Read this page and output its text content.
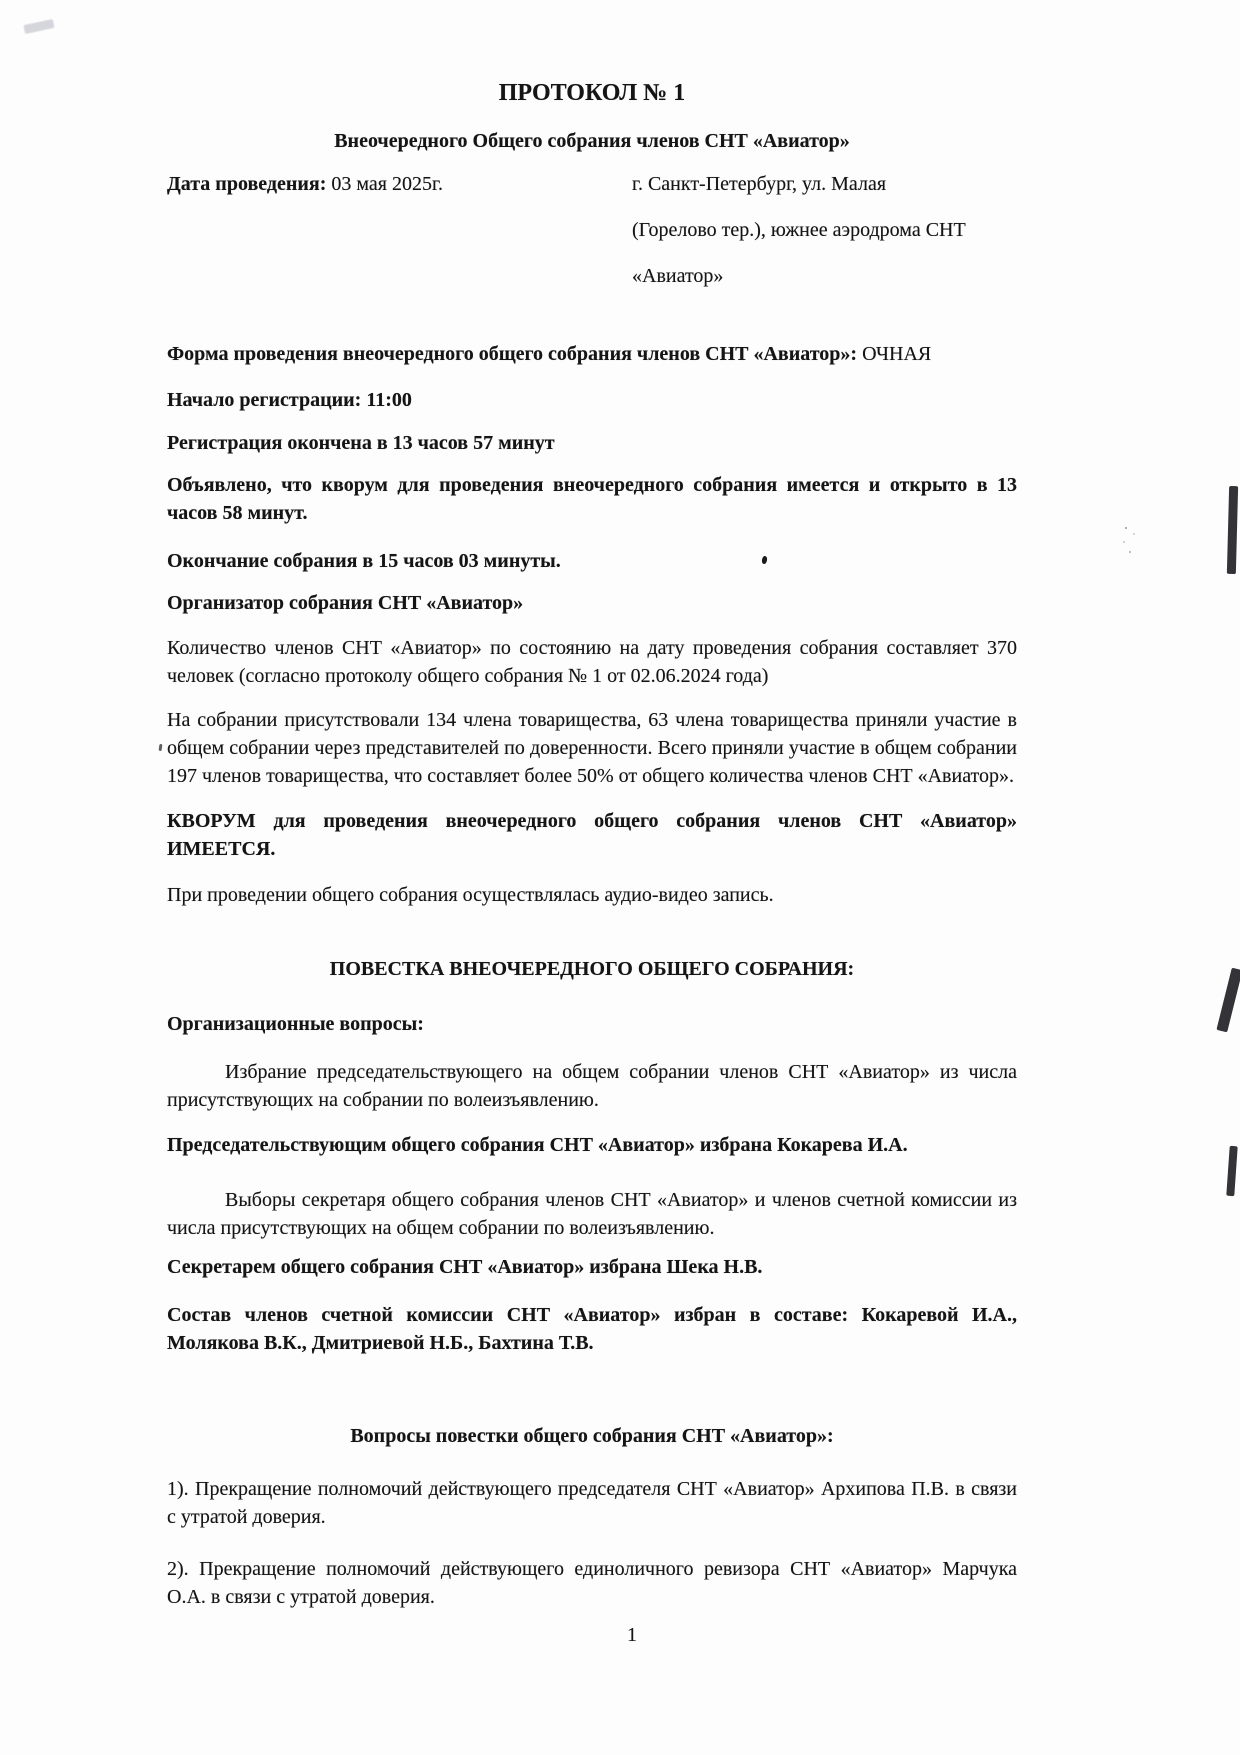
ПРОТОКОЛ № 1

Внеочередного Общего собрания членов СНТ «Авиатор»

Дата проведения: 03 мая 2025г.	г. Санкт-Петербург, ул. Малая
(Горелово тер.), южнее аэродрома СНТ
«Авиатор»

Форма проведения внеочередного общего собрания членов СНТ «Авиатор»: ОЧНАЯ

Начало регистрации: 11:00

Регистрация окончена в 13 часов 57 минут

Объявлено, что кворум для проведения внеочередного собрания имеется и открыто в 13 часов 58 минут.

Окончание собрания в 15 часов 03 минуты.

Организатор собрания СНТ «Авиатор»

Количество членов СНТ «Авиатор» по состоянию на дату проведения собрания составляет 370 человек (согласно протоколу общего собрания № 1 от 02.06.2024 года)

На собрании присутствовали 134 члена товарищества, 63 члена товарищества приняли участие в общем собрании через представителей по доверенности. Всего приняли участие в общем собрании 197 членов товарищества, что составляет более 50% от общего количества членов СНТ «Авиатор».

КВОРУМ для проведения внеочередного общего собрания членов СНТ «Авиатор» ИМЕЕТСЯ.

При проведении общего собрания осуществлялась аудио-видео запись.

ПОВЕСТКА ВНЕОЧЕРЕДНОГО ОБЩЕГО СОБРАНИЯ:

Организационные вопросы:

Избрание председательствующего на общем собрании членов СНТ «Авиатор» из числа присутствующих на собрании по волеизъявлению.

Председательствующим общего собрания СНТ «Авиатор» избрана Кокарева И.А.

Выборы секретаря общего собрания членов СНТ «Авиатор» и членов счетной комиссии из числа присутствующих на общем собрании по волеизъявлению.

Секретарем общего собрания СНТ «Авиатор» избрана Шека Н.В.

Состав членов счетной комиссии СНТ «Авиатор» избран в составе: Кокаревой И.А., Молякова В.К., Дмитриевой Н.Б., Бахтина Т.В.

Вопросы повестки общего собрания СНТ «Авиатор»:

1). Прекращение полномочий действующего председателя СНТ «Авиатор» Архипова П.В. в связи с утратой доверия.

2). Прекращение полномочий действующего единоличного ревизора СНТ «Авиатор» Марчука О.А. в связи с утратой доверия.

1
